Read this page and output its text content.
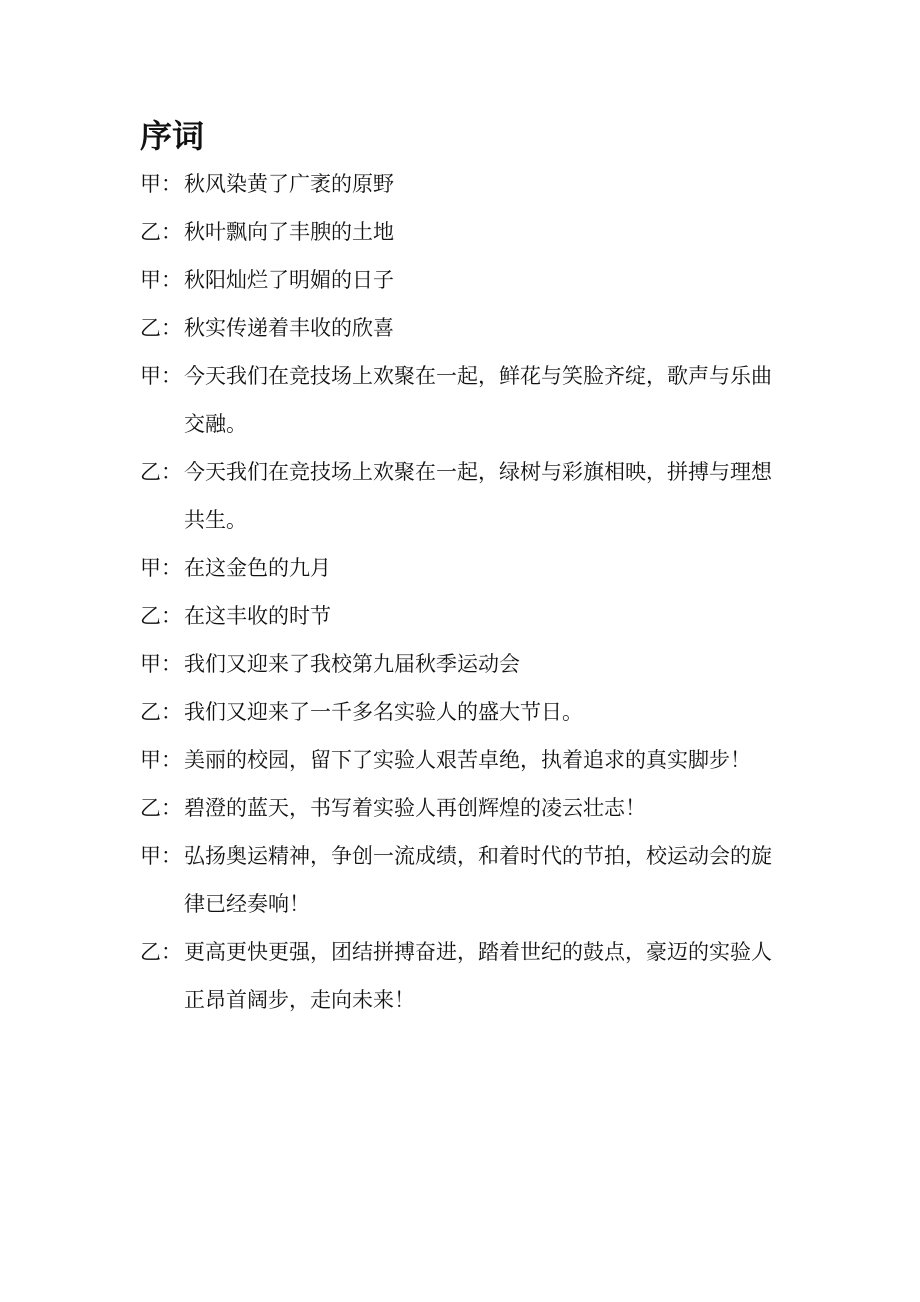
序词

甲： 秋风染黄了广袤的原野

乙： 秋叶飘向了丰腴的土地

甲： 秋阳灿烂了明媚的日子

乙： 秋实传递着丰收的欣喜

甲： 今天我们在竞技场上欢聚在一起，鲜花与笑脸齐绽，歌声与乐曲交融。

乙： 今天我们在竞技场上欢聚在一起，绿树与彩旗相映，拼搏与理想共生。

甲： 在这金色的九月

乙： 在这丰收的时节

甲： 我们又迎来了我校第九届秋季运动会

乙： 我们又迎来了一千多名实验人的盛大节日。

甲： 美丽的校园，留下了实验人艰苦卓绝，执着追求的真实脚步！

乙： 碧澄的蓝天，书写着实验人再创辉煌的凌云壮志！

甲： 弘扬奥运精神，争创一流成绩，和着时代的节拍，校运动会的旋律已经奏响！

乙： 更高更快更强，团结拼搏奋进，踏着世纪的鼓点，豪迈的实验人正昂首阔步，走向未来！
